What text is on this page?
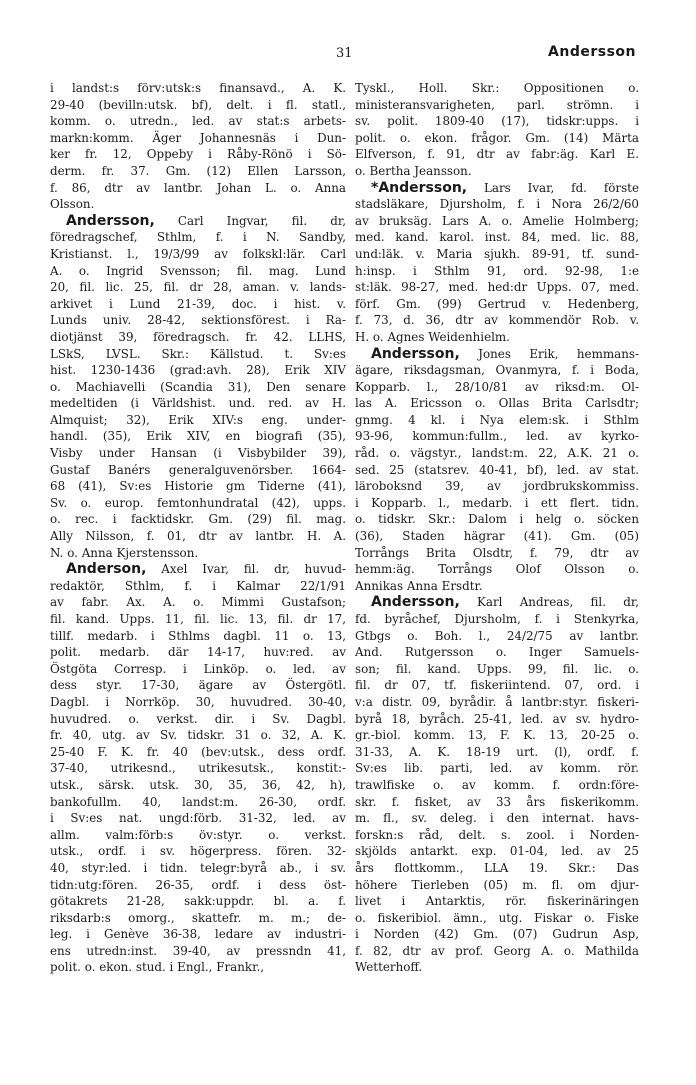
31	Andersson
i landst:s förv:utsk:s finansavd., A. K.
29-40 (bevilln:utsk. bf), delt. i fl. statl.,
komm. o. utredn., led. av stat:s arbets-
markn:komm. Äger Johannesnäs i Dun-
ker fr. 12, Oppeby i Råby-Rönö i Sö-
derm. fr. 37. Gm. (12) Ellen Larsson,
f. 86, dtr av lantbr. Johan L. o. Anna
Olsson.
Andersson, Carl Ingvar, fil. dr,
föredragschef, Sthlm, f. i N. Sandby,
Kristianst. l., 19/3/99 av folkskl:lär. Carl
A. o. Ingrid Svensson; fil. mag. Lund
20, fil. lic. 25, fil. dr 28, aman. v. lands-
arkivet i Lund 21-39, doc. i hist. v.
Lunds univ. 28-42, sektionsförest. i Ra-
diotjänst 39, föredragsch. fr. 42. LLHS,
LSkS, LVSL. Skr.: Källstud. t. Sv:es
hist. 1230-1436 (grad:avh. 28), Erik XIV
o. Machiavelli (Scandia 31), Den senare
medeltiden (i Världshist. und. red. av H.
Almquist; 32), Erik XIV:s eng. under-
handl. (35), Erik XIV, en biografi (35),
Visby under Hansan (i Visbybilder 39),
Gustaf Banérs generalguvenörsber. 1664-
68 (41), Sv:es Historie gm Tiderne (41),
Sv. o. europ. femtonhundratal (42), upps.
o. rec. i facktidskr. Gm. (29) fil. mag.
Ally Nilsson, f. 01, dtr av lantbr. H. A.
N. o. Anna Kjerstensson.
Anderson, Axel Ivar, fil. dr, huvud-
redaktör, Sthlm, f. i Kalmar 22/1/91
av fabr. Ax. A. o. Mimmi Gustafson;
fil. kand. Upps. 11, fil. lic. 13, fil. dr 17,
tillf. medarb. i Sthlms dagbl. 11 o. 13,
polit. medarb. där 14-17, huv:red. av
Östgöta Corresp. i Linköp. o. led. av
dess styr. 17-30, ägare av Östergötl.
Dagbl. i Norrköp. 30, huvudred. 30-40,
huvudred. o. verkst. dir. i Sv. Dagbl.
fr. 40, utg. av Sv. tidskr. 31 o. 32, A. K.
25-40 F. K. fr. 40 (bev:utsk., dess ordf.
37-40, utrikesnd., utrikesutsk., konstit:-
utsk., särsk. utsk. 30, 35, 36, 42, h),
bankofullm. 40, landst:m. 26-30, ordf.
i Sv:es nat. ungd:förb. 31-32, led. av
allm. valm:förb:s öv:styr. o. verkst.
utsk., ordf. i sv. högerpress. fören. 32-
40, styr:led. i tidn. telegr:byrå ab., i sv.
tidn:utg:fören. 26-35, ordf. i dess öst-
götakrets 21-28, sakk:uppdr. bl. a. f.
riksdarb:s omorg., skattefr. m. m.; de-
leg. i Genève 36-38, ledare av industri-
ens utredn:inst. 39-40, av pressndn 41,
polit. o. ekon. stud. i Engl., Frankr.,
Tyskl., Holl. Skr.: Oppositionen o.
ministeransvarigheten, parl. strömn. i
sv. polit. 1809-40 (17), tidskr:upps. i
polit. o. ekon. frågor. Gm. (14) Märta
Elfverson, f. 91, dtr av fabr:äg. Karl E.
o. Bertha Jeansson.
*Andersson, Lars Ivar, fd. förste
stadsläkare, Djursholm, f. i Nora 26/2/60
av bruksäg. Lars A. o. Amelie Holmberg;
med. kand. karol. inst. 84, med. lic. 88,
und:läk. v. Maria sjukh. 89-91, tf. sund-
h:insp. i Sthlm 91, ord. 92-98, 1:e
st:läk. 98-27, med. hed:dr Upps. 07, med.
förf. Gm. (99) Gertrud v. Hedenberg,
f. 73, d. 36, dtr av kommendör Rob. v.
H. o. Agnes Weidenhielm.
Andersson, Jones Erik, hemmans-
ägare, riksdagsman, Ovanmyra, f. i Boda,
Kopparb. l., 28/10/81 av riksd:m. Ol-
las A. Ericsson o. Ollas Brita Carlsdtr;
gnmg. 4 kl. i Nya elem:sk. i Sthlm
93-96, kommun:fullm., led. av kyrko-
råd. o. vägstyr., landst:m. 22, A.K. 21 o.
sed. 25 (statsrev. 40-41, bf), led. av stat.
läroboksnd 39, av jordbrukskommiss.
i Kopparb. l., medarb. i ett flert. tidn.
o. tidskr. Skr.: Dalom i helg o. söcken
(36), Staden hägrar (41). Gm. (05)
Torrångs Brita Olsdtr, f. 79, dtr av
hemm:äg. Torrångs Olof Olsson o.
Annikas Anna Ersdtr.
Andersson, Karl Andreas, fil. dr,
fd. byråchef, Djursholm, f. i Stenkyrka,
Gtbgs o. Boh. l., 24/2/75 av lantbr.
And. Rutgersson o. Inger Samuels-
son; fil. kand. Upps. 99, fil. lic. o.
fil. dr 07, tf. fiskeriintend. 07, ord. i
v:a distr. 09, byrådir. å lantbr:styr. fiskeri-
byrå 18, byråch. 25-41, led. av sv. hydro-
gr.-biol. komm. 13, F. K. 13, 20-25 o.
31-33, A. K. 18-19 urt. (l), ordf. f.
Sv:es lib. parti, led. av komm. rör.
trawlfiske o. av komm. f. ordn:före-
skr. f. fisket, av 33 års fiskerikomm.
m. fl., sv. deleg. i den internat. havs-
forskn:s råd, delt. s. zool. i Norden-
skjölds antarkt. exp. 01-04, led. av 25
års flottkomm., LLA 19. Skr.: Das
höhere Tierleben (05) m. fl. om djur-
livet i Antarktis, rör. fiskerinäringen
o. fiskeribiol. ämn., utg. Fiskar o. Fiske
i Norden (42) Gm. (07) Gudrun Asp,
f. 82, dtr av prof. Georg A. o. Mathilda
Wetterhoff.
